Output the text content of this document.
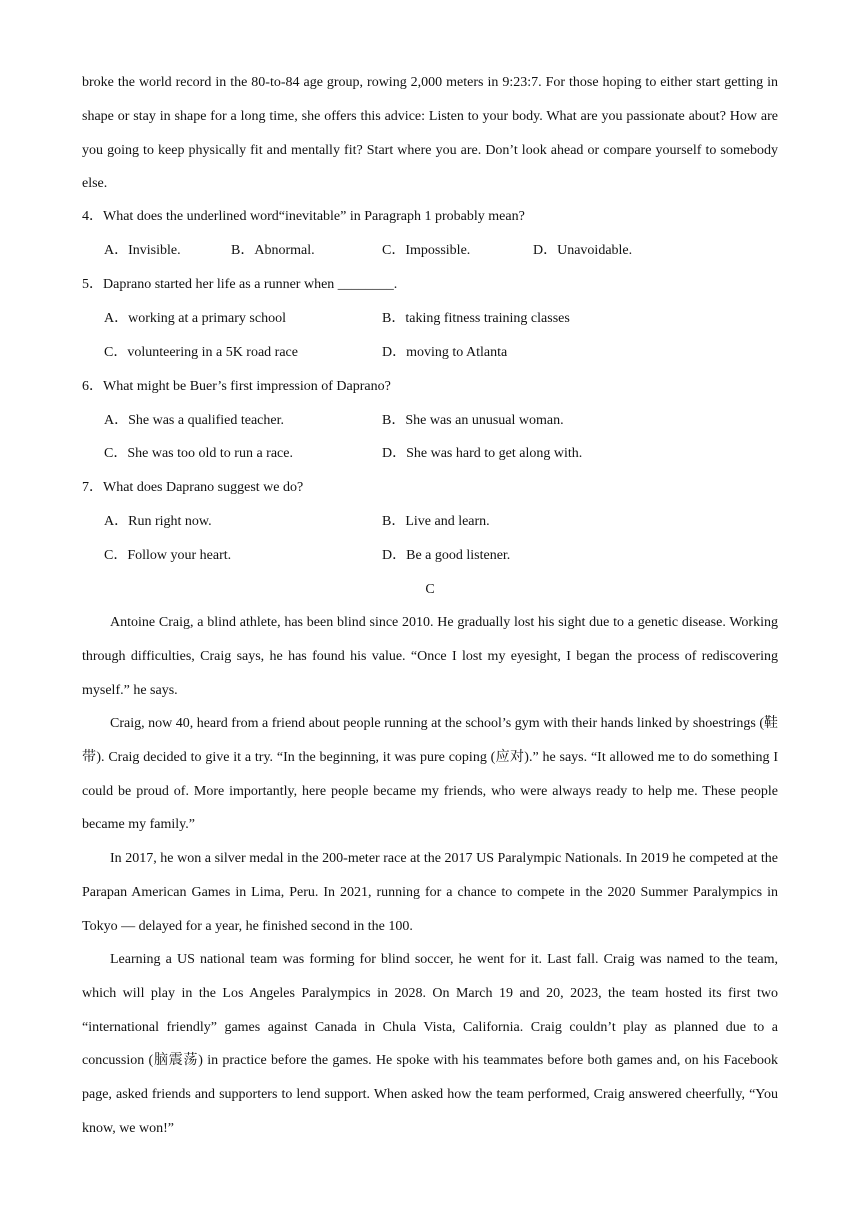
broke the world record in the 80-to-84 age group, rowing 2,000 meters in 9:23:7. For those hoping to either start getting in shape or stay in shape for a long time, she offers this advice: Listen to your body. What are you passionate about? How are you going to keep physically fit and mentally fit? Start where you are. Don’t look ahead or compare yourself to somebody else.

4．What does the underlined word“inevitable” in Paragraph 1 probably mean?
A．Invisible.	B．Abnormal.	C．Impossible.	D．Unavoidable.
5．Daprano started her life as a runner when ________.
A．working at a primary school	B．taking fitness training classes
C．volunteering in a 5K road race	D．moving to Atlanta
6．What might be Buer’s first impression of Daprano?
A．She was a qualified teacher.	B．She was an unusual woman.
C．She was too old to run a race.	D．She was hard to get along with.
7．What does Daprano suggest we do?
A．Run right now.	B．Live and learn.
C．Follow your heart.	D．Be a good listener.
C

Antoine Craig, a blind athlete, has been blind since 2010. He gradually lost his sight due to a genetic disease. Working through difficulties, Craig says, he has found his value. “Once I lost my eyesight, I began the process of rediscovering myself.” he says.

Craig, now 40, heard from a friend about people running at the school’s gym with their hands linked by shoestrings (鞋带). Craig decided to give it a try. “In the beginning, it was pure coping (应对).” he says. “It allowed me to do something I could be proud of. More importantly, here people became my friends, who were always ready to help me. These people became my family.”

In 2017, he won a silver medal in the 200-meter race at the 2017 US Paralympic Nationals. In 2019 he competed at the Parapan American Games in Lima, Peru. In 2021, running for a chance to compete in the 2020 Summer Paralympics in Tokyo — delayed for a year, he finished second in the 100.

Learning a US national team was forming for blind soccer, he went for it. Last fall. Craig was named to the team, which will play in the Los Angeles Paralympics in 2028. On March 19 and 20, 2023, the team hosted its first two “international friendly” games against Canada in Chula Vista, California. Craig couldn’t play as planned due to a concussion (脑震荡) in practice before the games. He spoke with his teammates before both games and, on his Facebook page, asked friends and supporters to lend support. When asked how the team performed, Craig answered cheerfully, “You know, we won!”
